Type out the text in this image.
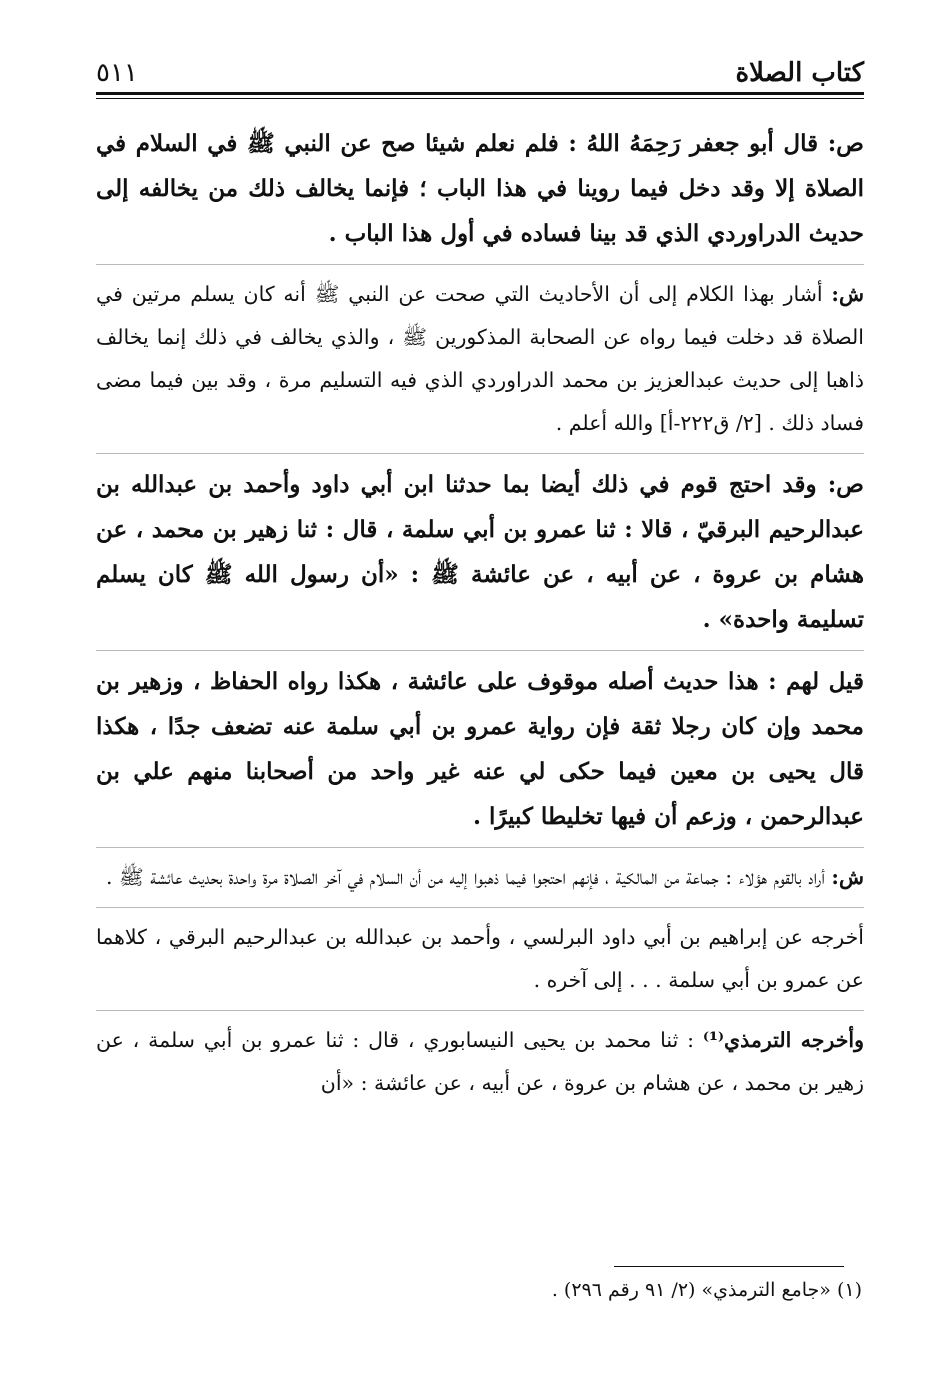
كتاب الصلاة
٥١١

ص: قال أبو جعفر رَحِمَهُ اللهُ : فلم نعلم شيئا صح عن النبي ﷺ في السلام في الصلاة إلا وقد دخل فيما روينا في هذا الباب ؛ فإنما يخالف ذلك من يخالفه إلى حديث الدراوردي الذي قد بينا فساده في أول هذا الباب .

ش: أشار بهذا الكلام إلى أن الأحاديث التي صحت عن النبي ﷺ أنه كان يسلم مرتين في الصلاة قد دخلت فيما رواه عن الصحابة المذكورين ﷺ ، والذي يخالف في ذلك إنما يخالف ذاهبا إلى حديث عبدالعزيز بن محمد الدراوردي الذي فيه التسليم مرة ، وقد بين فيما مضى فساد ذلك . [٢/ ق٢٢٢-أ] والله أعلم .

ص: وقد احتج قوم في ذلك أيضا بما حدثنا ابن أبي داود وأحمد بن عبدالله بن عبدالرحيم البرقيّ ، قالا : ثنا عمرو بن أبي سلمة ، قال : ثنا زهير بن محمد ، عن هشام بن عروة ، عن أبيه ، عن عائشة ﷺ : «أن رسول الله ﷺ كان يسلم تسليمة واحدة» .

قيل لهم : هذا حديث أصله موقوف على عائشة ، هكذا رواه الحفاظ ، وزهير بن محمد وإن كان رجلا ثقة فإن رواية عمرو بن أبي سلمة عنه تضعف جدًا ، هكذا قال يحيى بن معين فيما حكى لي عنه غير واحد من أصحابنا منهم علي بن عبدالرحمن ، وزعم أن فيها تخليطا كبيرًا .

ش: أراد بالقوم هؤلاء : جماعة من المالكية ، فإنهم احتجوا فيما ذهبوا إليه من أن السلام في آخر الصلاة مرة واحدة بحديث عائشة ﷺ .

أخرجه عن إبراهيم بن أبي داود البرلسي ، وأحمد بن عبدالله بن عبدالرحيم البرقي ، كلاهما عن عمرو بن أبي سلمة . . . إلى آخره .

وأخرجه الترمذي⁽¹⁾ : ثنا محمد بن يحيى النيسابوري ، قال : ثنا عمرو بن أبي سلمة ، عن زهير بن محمد ، عن هشام بن عروة ، عن أبيه ، عن عائشة : «أن

(١) «جامع الترمذي» (٢/ ٩١ رقم ٢٩٦) .
